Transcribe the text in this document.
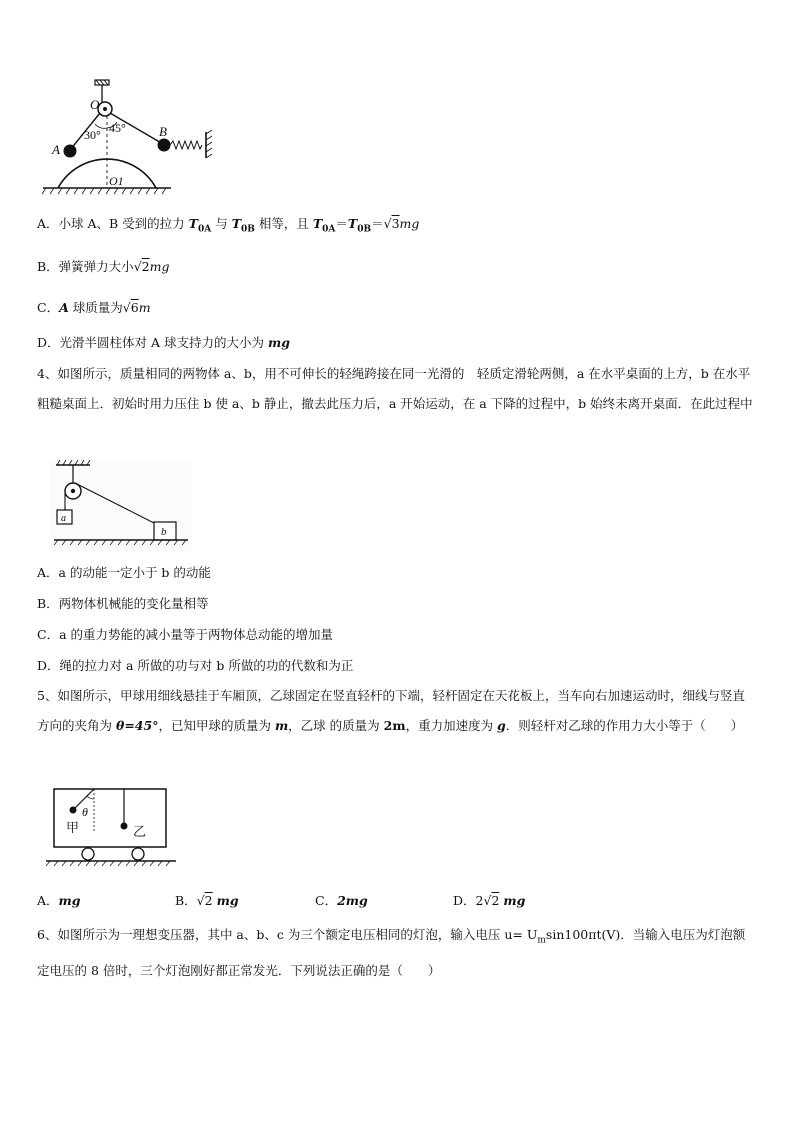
O
30° 45°
A
B
O1
A．小球 A、B 受到的拉力 $T_{0A}$ 与 $T_{0B}$ 相等，且 $T_{0A}=T_{0B}=√3mg$
B．弹簧弹力大小√2mg
C．A 球质量为√6m
D．光滑半圆柱体对 A 球支持力的大小为 mg
4、如图所示，质量相同的两物体 a、b，用不可伸长的轻绳跨接在同一光滑的　轻质定滑轮两侧，a 在水平桌面的上方，b 在水平粗糙桌面上．初始时用力压住 b 使 a、b 静止，撤去此压力后，a 开始运动，在 a 下降的过程中，b 始终未离开桌面．在此过程中
a
b
A．a 的动能一定小于 b 的动能
B．两物体机械能的变化量相等
C．a 的重力势能的减小量等于两物体总动能的增加量
D．绳的拉力对 a 所做的功与对 b 所做的功的代数和为正
5、如图所示，甲球用细线悬挂于车厢顶，乙球固定在竖直轻杆的下端，轻杆固定在天花板上，当车向右加速运动时，细线与竖直方向的夹角为 θ=45°，已知甲球的质量为 m，乙球 的质量为 2m，重力加速度为 g．则轻杆对乙球的作用力大小等于（　　）
θ
甲	乙
A．mg	B．√2 mg	C．2mg	D．2√2 mg
6、如图所示为一理想变压器，其中 a、b、c 为三个额定电压相同的灯泡，输入电压 $u= U_m\sin 100\pi t(V)$．当输入电压为灯泡额定电压的 8 倍时，三个灯泡刚好都正常发光．下列说法正确的是（　　）
